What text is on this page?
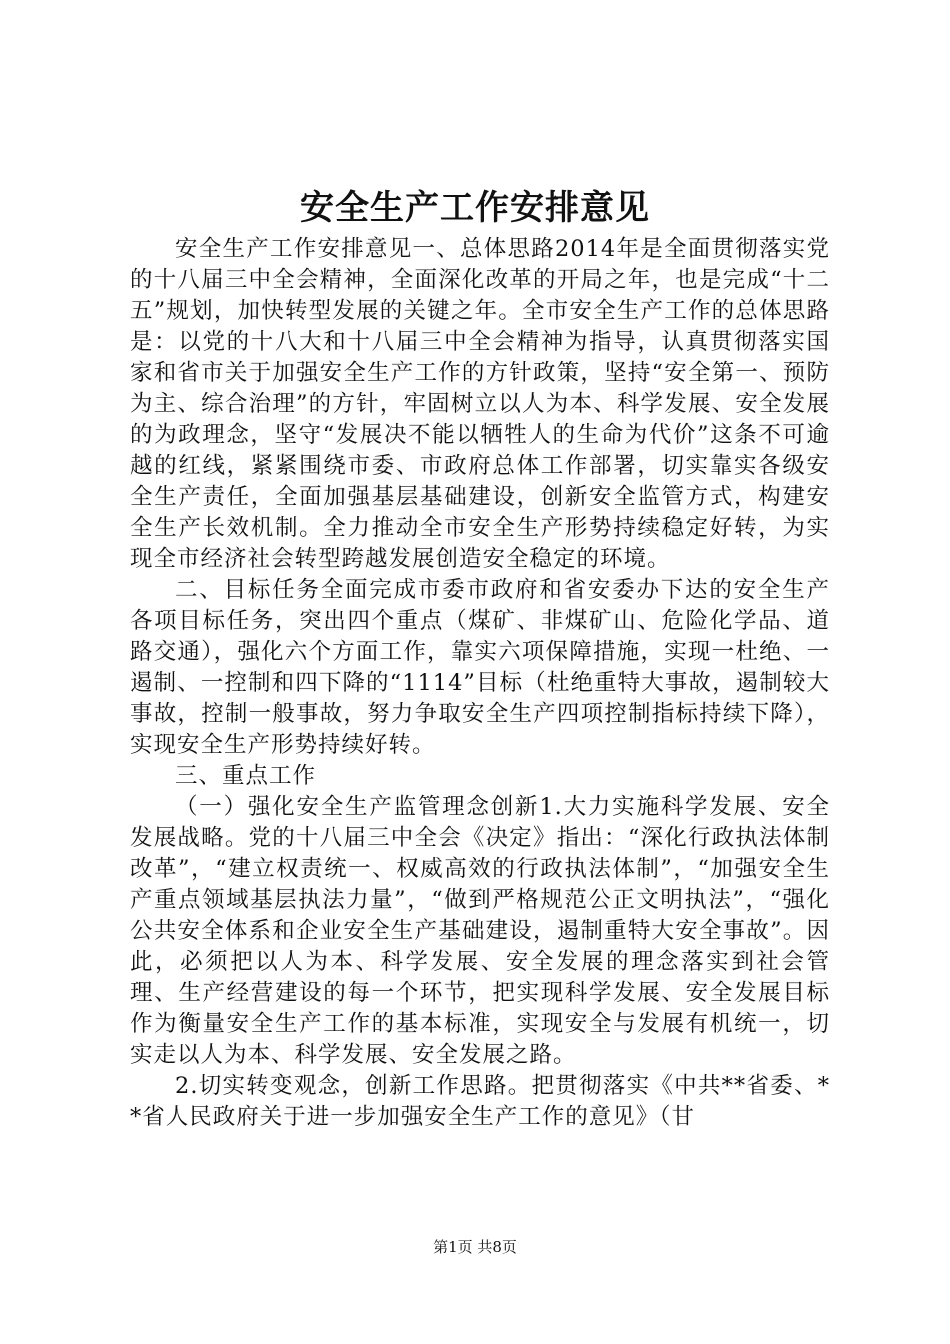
安全生产工作安排意见

安全生产工作安排意见一、总体思路2014年是全面贯彻落实党的十八届三中全会精神，全面深化改革的开局之年，也是完成“十二五”规划，加快转型发展的关键之年。全市安全生产工作的总体思路是：以党的十八大和十八届三中全会精神为指导，认真贯彻落实国家和省市关于加强安全生产工作的方针政策，坚持“安全第一、预防为主、综合治理”的方针，牢固树立以人为本、科学发展、安全发展的为政理念，坚守“发展决不能以牺牲人的生命为代价”这条不可逾越的红线，紧紧围绕市委、市政府总体工作部署，切实靠实各级安全生产责任，全面加强基层基础建设，创新安全监管方式，构建安全生产长效机制。全力推动全市安全生产形势持续稳定好转，为实现全市经济社会转型跨越发展创造安全稳定的环境。

二、目标任务全面完成市委市政府和省安委办下达的安全生产各项目标任务，突出四个重点（煤矿、非煤矿山、危险化学品、道路交通），强化六个方面工作，靠实六项保障措施，实现一杜绝、一遏制、一控制和四下降的“1114”目标（杜绝重特大事故，遏制较大事故，控制一般事故，努力争取安全生产四项控制指标持续下降），实现安全生产形势持续好转。

三、重点工作

（一）强化安全生产监管理念创新1.大力实施科学发展、安全发展战略。党的十八届三中全会《决定》指出：“深化行政执法体制改革”，“建立权责统一、权威高效的行政执法体制”，“加强安全生产重点领域基层执法力量”，“做到严格规范公正文明执法”，“强化公共安全体系和企业安全生产基础建设，遏制重特大安全事故”。因此，必须把以人为本、科学发展、安全发展的理念落实到社会管理、生产经营建设的每一个环节，把实现科学发展、安全发展目标作为衡量安全生产工作的基本标准，实现安全与发展有机统一，切实走以人为本、科学发展、安全发展之路。

2.切实转变观念，创新工作思路。把贯彻落实《中共**省委、**省人民政府关于进一步加强安全生产工作的意见》（甘

第1页 共8页
